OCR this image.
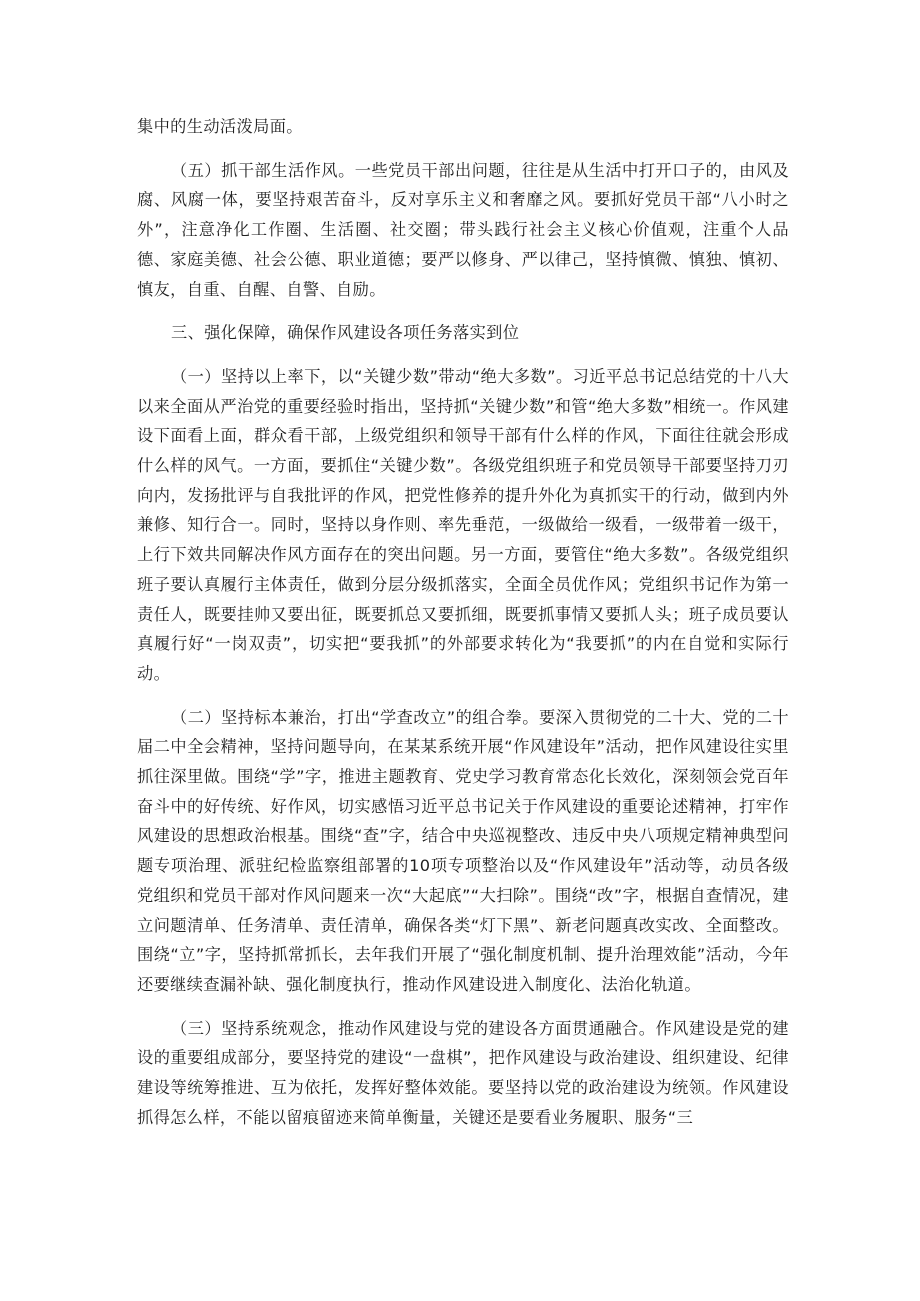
集中的生动活泼局面。

（五）抓干部生活作风。一些党员干部出问题，往往是从生活中打开口子的，由风及腐、风腐一体，要坚持艰苦奋斗，反对享乐主义和奢靡之风。要抓好党员干部“八小时之外”，注意净化工作圈、生活圈、社交圈；带头践行社会主义核心价值观，注重个人品德、家庭美德、社会公德、职业道德；要严以修身、严以律己，坚持慎微、慎独、慎初、慎友，自重、自醒、自警、自励。

三、强化保障，确保作风建设各项任务落实到位

（一）坚持以上率下，以“关键少数”带动“绝大多数”。习近平总书记总结党的十八大以来全面从严治党的重要经验时指出，坚持抓“关键少数”和管“绝大多数”相统一。作风建设下面看上面，群众看干部，上级党组织和领导干部有什么样的作风，下面往往就会形成什么样的风气。一方面，要抓住“关键少数”。各级党组织班子和党员领导干部要坚持刀刃向内，发扬批评与自我批评的作风，把党性修养的提升外化为真抓实干的行动，做到内外兼修、知行合一。同时，坚持以身作则、率先垂范，一级做给一级看，一级带着一级干，上行下效共同解决作风方面存在的突出问题。另一方面，要管住“绝大多数”。各级党组织班子要认真履行主体责任，做到分层分级抓落实，全面全员优作风；党组织书记作为第一责任人，既要挂帅又要出征，既要抓总又要抓细，既要抓事情又要抓人头；班子成员要认真履行好“一岗双责”，切实把“要我抓”的外部要求转化为“我要抓”的内在自觉和实际行动。

（二）坚持标本兼治，打出“学查改立”的组合拳。要深入贯彻党的二十大、党的二十届二中全会精神，坚持问题导向，在某某系统开展“作风建设年”活动，把作风建设往实里抓往深里做。围绕“学”字，推进主题教育、党史学习教育常态化长效化，深刻领会党百年奋斗中的好传统、好作风，切实感悟习近平总书记关于作风建设的重要论述精神，打牢作风建设的思想政治根基。围绕“查”字，结合中央巡视整改、违反中央八项规定精神典型问题专项治理、派驻纪检监察组部署的10项专项整治以及“作风建设年”活动等，动员各级党组织和党员干部对作风问题来一次“大起底”“大扫除”。围绕“改”字，根据自查情况，建立问题清单、任务清单、责任清单，确保各类“灯下黑”、新老问题真改实改、全面整改。围绕“立”字，坚持抓常抓长，去年我们开展了“强化制度机制、提升治理效能”活动，今年还要继续查漏补缺、强化制度执行，推动作风建设进入制度化、法治化轨道。

（三）坚持系统观念，推动作风建设与党的建设各方面贯通融合。作风建设是党的建设的重要组成部分，要坚持党的建设“一盘棋”，把作风建设与政治建设、组织建设、纪律建设等统筹推进、互为依托，发挥好整体效能。要坚持以党的政治建设为统领。作风建设抓得怎么样，不能以留痕留迹来简单衡量，关键还是要看业务履职、服务“三
